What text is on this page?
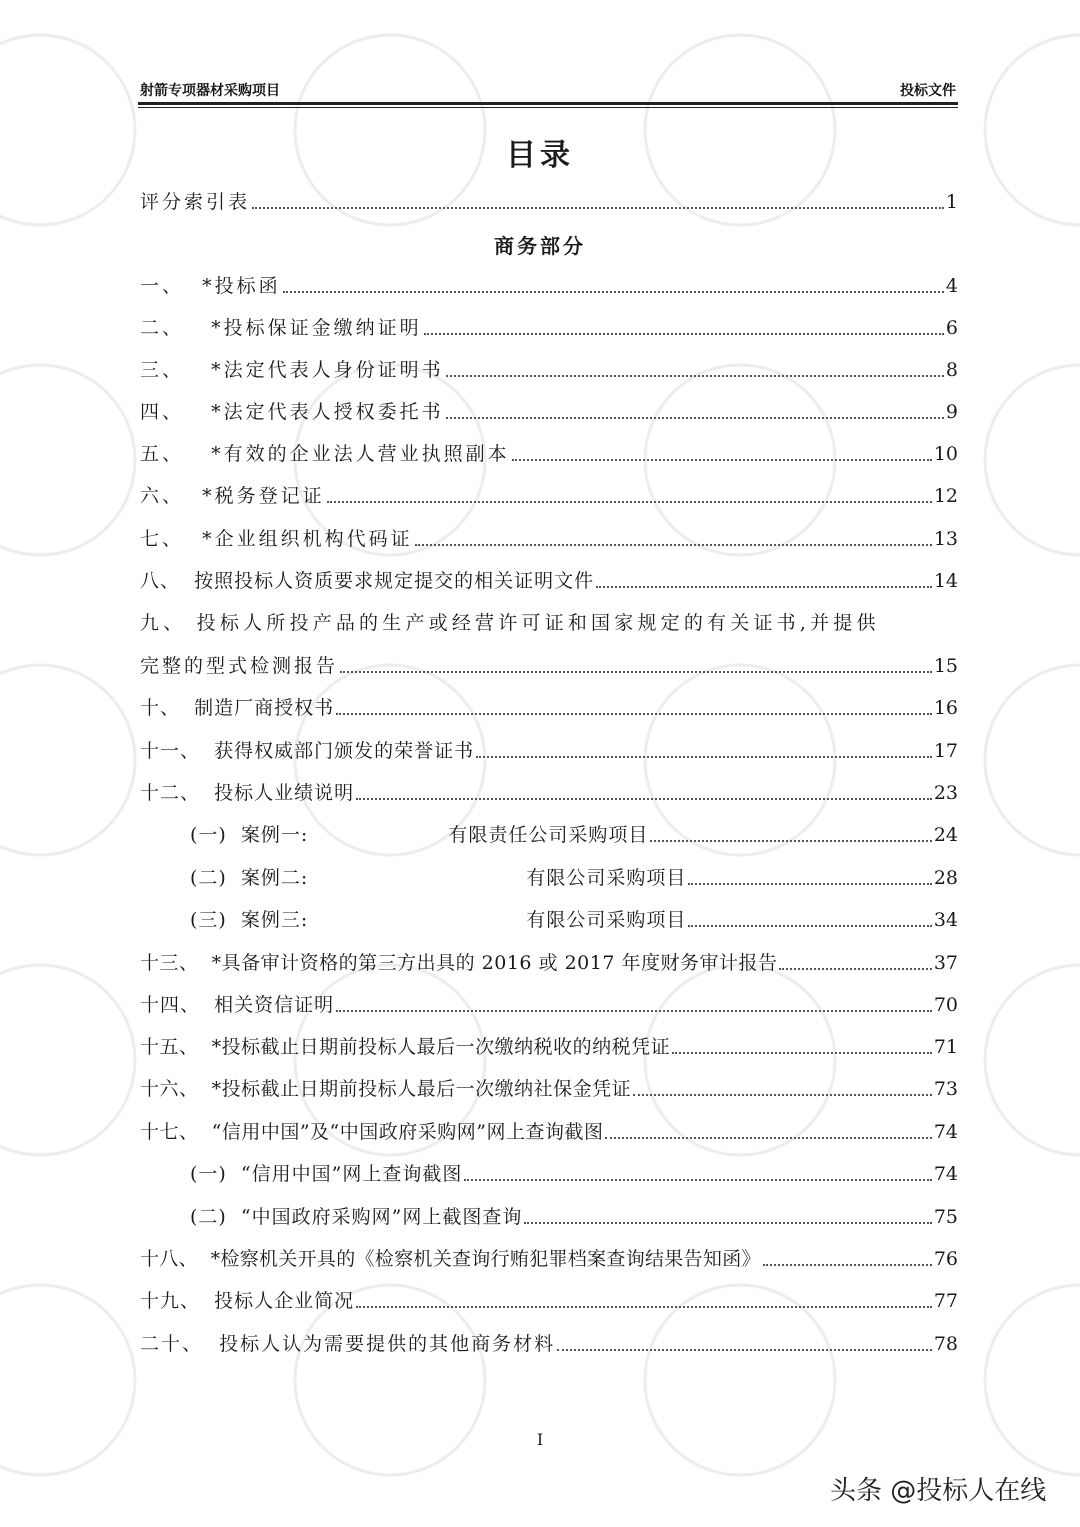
射箭专项器材采购项目	投标文件
目录
评分索引表	1
商务部分
一、 *投标函	4
二、 *投标保证金缴纳证明	6
三、 *法定代表人身份证明书	8
四、 *法定代表人授权委托书	9
五、 *有效的企业法人营业执照副本	10
六、 *税务登记证	12
七、 *企业组织机构代码证	13
八、 按照投标人资质要求规定提交的相关证明文件	14
九、 投标人所投产品的生产或经营许可证和国家规定的有关证书,并提供
完整的型式检测报告	15
十、 制造厂商授权书	16
十一、 获得权威部门颁发的荣誉证书	17
十二、 投标人业绩说明	23
(一) 案例一:	有限责任公司采购项目	24
(二) 案例二:	有限公司采购项目	28
(三) 案例三:	有限公司采购项目	34
十三、 *具备审计资格的第三方出具的 2016 或 2017 年度财务审计报告	37
十四、 相关资信证明	70
十五、 *投标截止日期前投标人最后一次缴纳税收的纳税凭证	71
十六、 *投标截止日期前投标人最后一次缴纳社保金凭证	73
十七、 “信用中国”及“中国政府采购网”网上查询截图	74
(一) “信用中国”网上查询截图	74
(二) “中国政府采购网”网上截图查询	75
十八、 *检察机关开具的《检察机关查询行贿犯罪档案查询结果告知函》	76
十九、 投标人企业简况	77
二十、 投标人认为需要提供的其他商务材料	78
I
头条 @投标人在线
